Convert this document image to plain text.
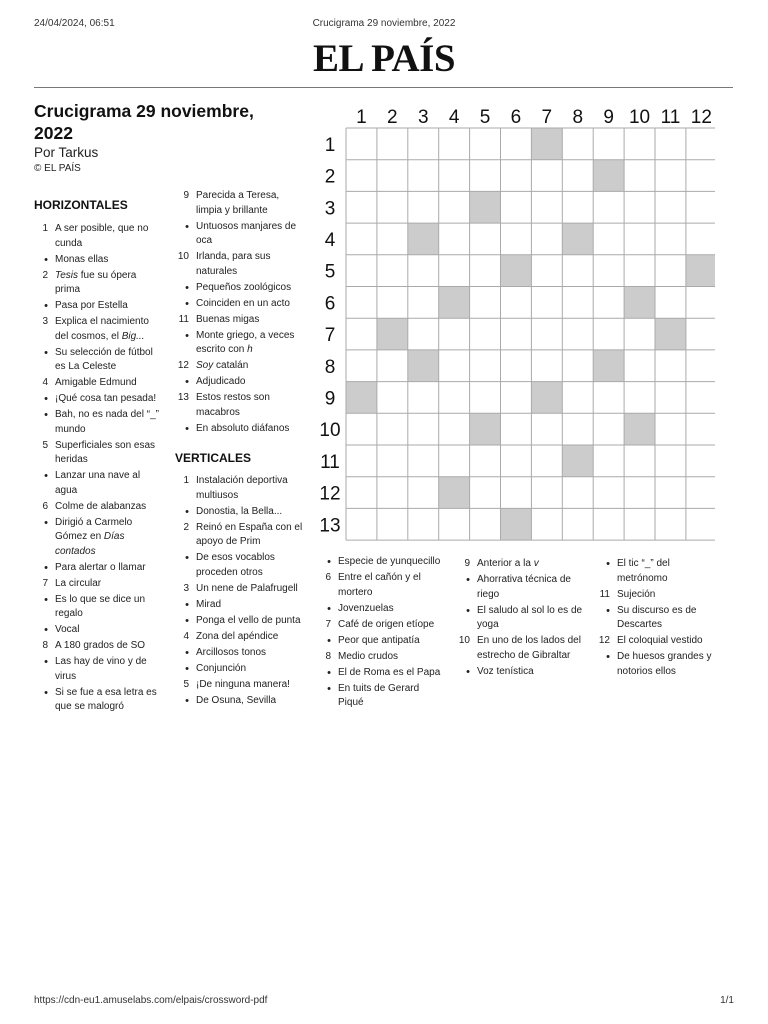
24/04/2024, 06:51	Crucigrama 29 noviembre, 2022
EL PAÍS
Crucigrama 29 noviembre, 2022
Por Tarkus
© EL PAÍS
HORIZONTALES
1 A ser posible, que no cunda
• Monas ellas
2 Tesis fue su ópera prima
• Pasa por Estella
3 Explica el nacimiento del cosmos, el Big...
• Su selección de fútbol es La Celeste
4 Amigable Edmund
• ¡Qué cosa tan pesada!
• Bah, no es nada del “_” mundo
5 Superficiales son esas heridas
• Lanzar una nave al agua
6 Colme de alabanzas
• Dirigió a Carmelo Gómez en Días contados
• Para alertar o llamar
7 La circular
• Es lo que se dice un regalo
• Vocal
8 A 180 grados de SO
• Las hay de vino y de virus
• Si se fue a esa letra es que se malogró
9 Parecida a Teresa, limpia y brillante
• Untuosos manjares de oca
10 Irlanda, para sus naturales
• Pequeños zoológicos
• Coinciden en un acto
11 Buenas migas
• Monte griego, a veces escrito con h
12 Soy catalán
• Adjudicado
13 Estos restos son macabros
• En absoluto diáfanos
VERTICALES
1 Instalación deportiva multiusos
• Donostia, la Bella...
2 Reinó en España con el apoyo de Prim
• De esos vocablos proceden otros
3 Un nene de Palafrugell
• Mirad
• Ponga el vello de punta
4 Zona del apéndice
• Arcillosos tonos
• Conjunción
5 ¡De ninguna manera!
• De Osuna, Sevilla
1 2 3 4 5 6 7 8 9 10 11 12
1
2
3
4
5
6
7
8
9
10
11
12
13
• Especie de yunquecillo
6 Entre el cañón y el mortero
• Jovenzuelas
7 Café de origen etíope
• Peor que antipatía
8 Medio crudos
• El de Roma es el Papa
• En tuits de Gerard Piqué
9 Anterior a la v
• Ahorrativa técnica de riego
• El saludo al sol lo es de yoga
10 En uno de los lados del estrecho de Gibraltar
• Voz tenística
• El tic “_” del metrónomo
11 Sujeción
• Su discurso es de Descartes
12 El coloquial vestido
• De huesos grandes y notorios ellos
https://cdn-eu1.amuselabs.com/elpais/crossword-pdf	1/1
